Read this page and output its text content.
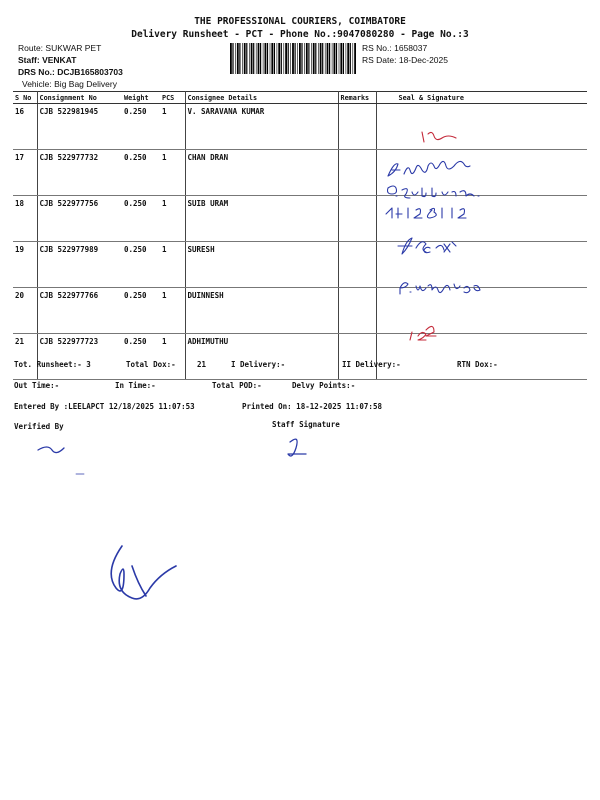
THE PROFESSIONAL COURIERS, COIMBATORE
Delivery Runsheet - PCT - Phone No.:9047080280 - Page No.:3
Route: SUKWAR PET
Staff: VENKAT
DRS No.: DCJB165803703
Vehicle: Big Bag Delivery
RS No.: 1658037
RS Date: 18-Dec-2025
S No	Consignment No	Weight	PCS	Consignee Details	Remarks	Seal & Signature
16	CJB 522981945	0.250	1	V. SARAVANA KUMAR		
17	CJB 522977732	0.250	1	CHAN DRAN		
18	CJB 522977756	0.250	1	SUIB URAM		
19	CJB 522977989	0.250	1	SURESH		
20	CJB 522977766	0.250	1	DUINNESH		
21	CJB 522977723	0.250	1	ADHIMUTHU		
Tot. Runsheet:- 3	Total Dox:-	21	I Delivery:-	II Delivery:-	RTN Dox:-
Out Time:-	In Time:-	Total POD:-	Delvy Points:-
Entered By :LEELAPCT 12/18/2025 11:07:53	Printed On: 18-12-2025 11:07:58
Verified By	Staff Signature
